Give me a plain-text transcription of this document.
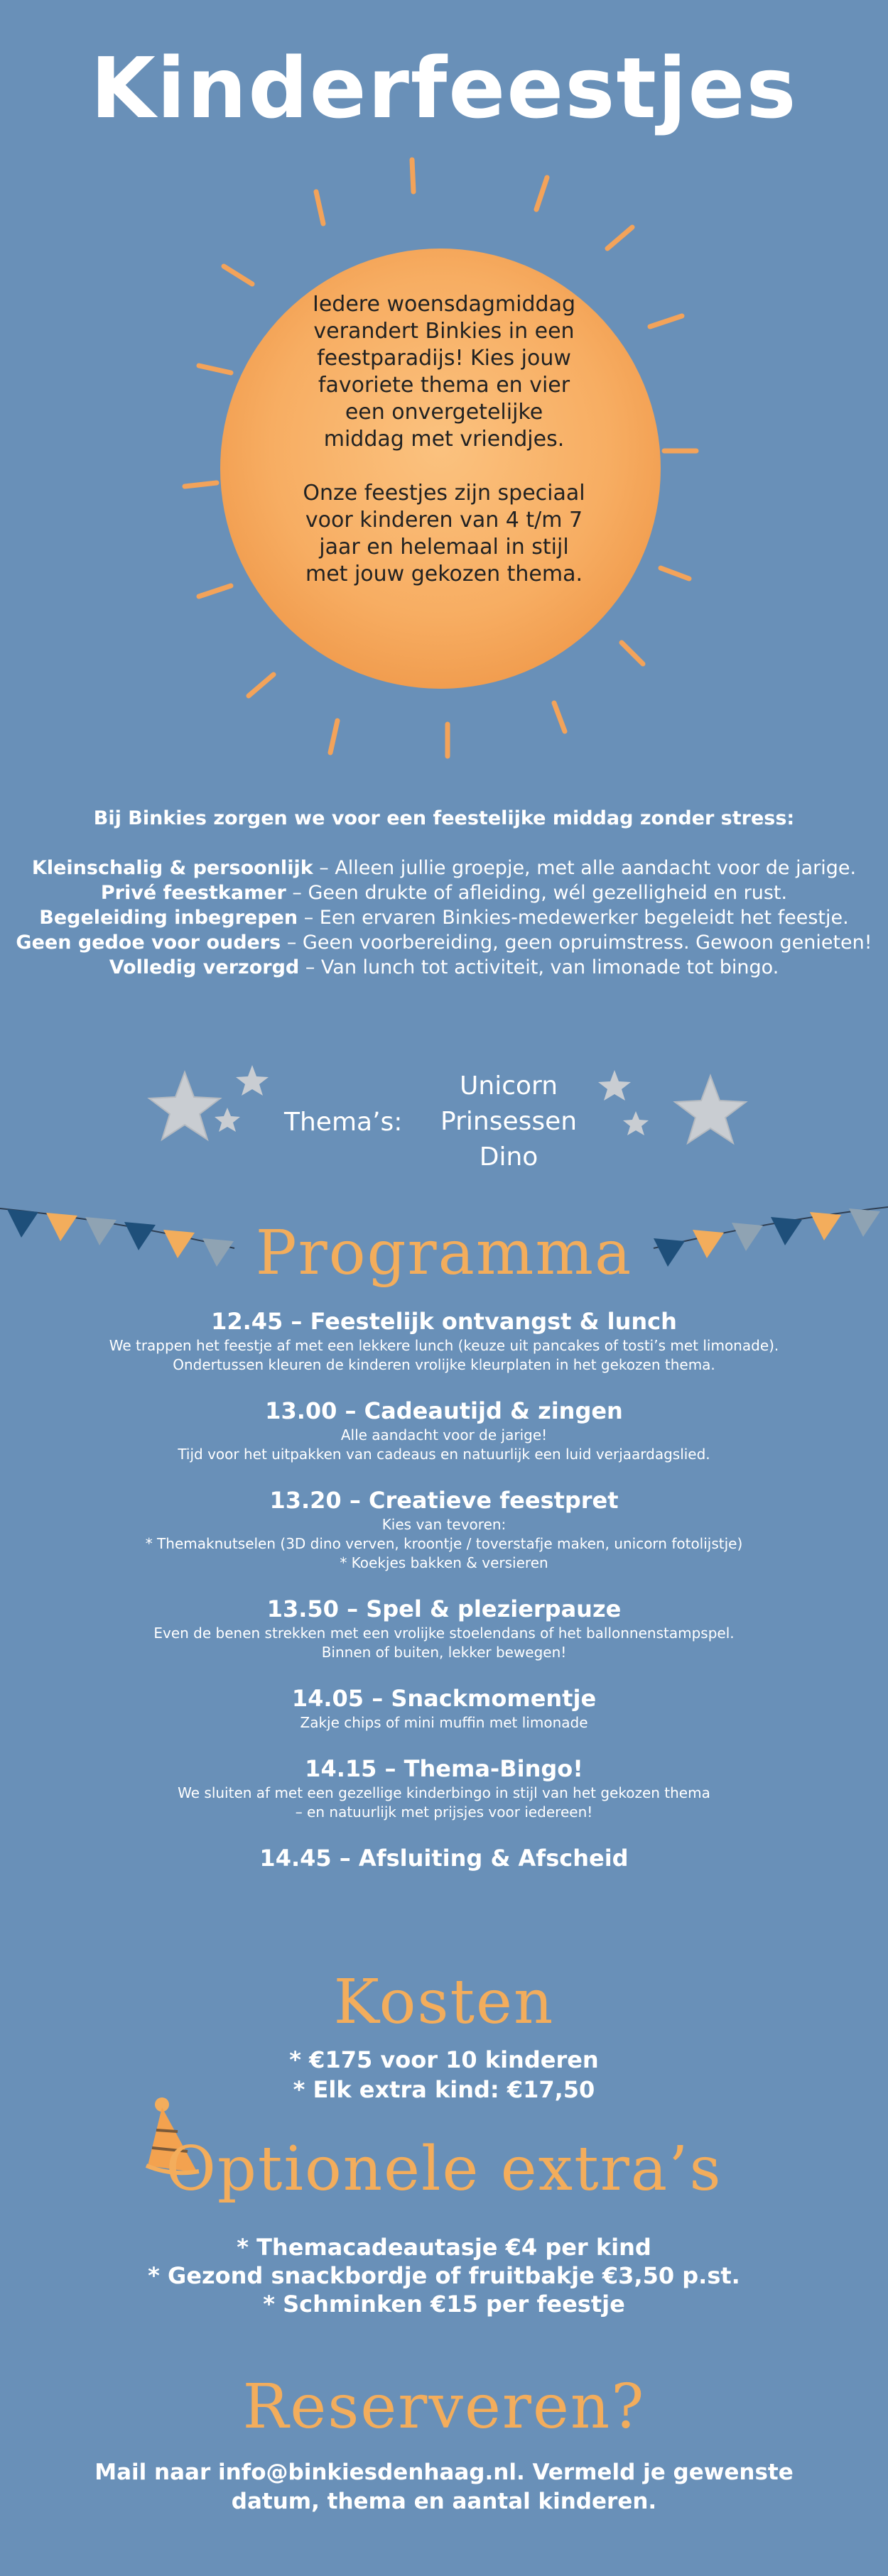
Kinderfeestjes

Iedere woensdagmiddag verandert Binkies in een feestparadijs! Kies jouw favoriete thema en vier een onvergetelijke middag met vriendjes.

Onze feestjes zijn speciaal voor kinderen van 4 t/m 7 jaar en helemaal in stijl met jouw gekozen thema.

Bij Binkies zorgen we voor een feestelijke middag zonder stress:
Kleinschalig & persoonlijk – Alleen jullie groepje, met alle aandacht voor de jarige.
Privé feestkamer – Geen drukte of afleiding, wél gezelligheid en rust.
Begeleiding inbegrepen – Een ervaren Binkies-medewerker begeleidt het feestje.
Geen gedoe voor ouders – Geen voorbereiding, geen opruimstress. Gewoon genieten!
Volledig verzorgd – Van lunch tot activiteit, van limonade tot bingo.
Thema’s:
Unicorn
Prinsessen
Dino
Programma
12.45 – Feestelijk ontvangst & lunch
We trappen het feestje af met een lekkere lunch (keuze uit pancakes of tosti’s met limonade).
Ondertussen kleuren de kinderen vrolijke kleurplaten in het gekozen thema.
13.00 – Cadeautijd & zingen
Alle aandacht voor de jarige!
Tijd voor het uitpakken van cadeaus en natuurlijk een luid verjaardagslied.
13.20 – Creatieve feestpret
Kies van tevoren:
* Themaknutselen (3D dino verven, kroontje / toverstafje maken, unicorn fotolijstje)
* Koekjes bakken & versieren
13.50 – Spel & plezierpauze
Even de benen strekken met een vrolijke stoelendans of het ballonnenstampspel.
Binnen of buiten, lekker bewegen!
14.05 – Snackmomentje
Zakje chips of mini muffin met limonade
14.15 – Thema-Bingo!
We sluiten af met een gezellige kinderbingo in stijl van het gekozen thema
– en natuurlijk met prijsjes voor iedereen!
14.45 – Afsluiting & Afscheid
Kosten
* €175 voor 10 kinderen
* Elk extra kind: €17,50
Optionele extra’s
* Themacadeautasje €4 per kind
* Gezond snackbordje of fruitbakje €3,50 p.st.
* Schminken €15 per feestje
Reserveren?
Mail naar info@binkiesdenhaag.nl. Vermeld je gewenste datum, thema en aantal kinderen.
